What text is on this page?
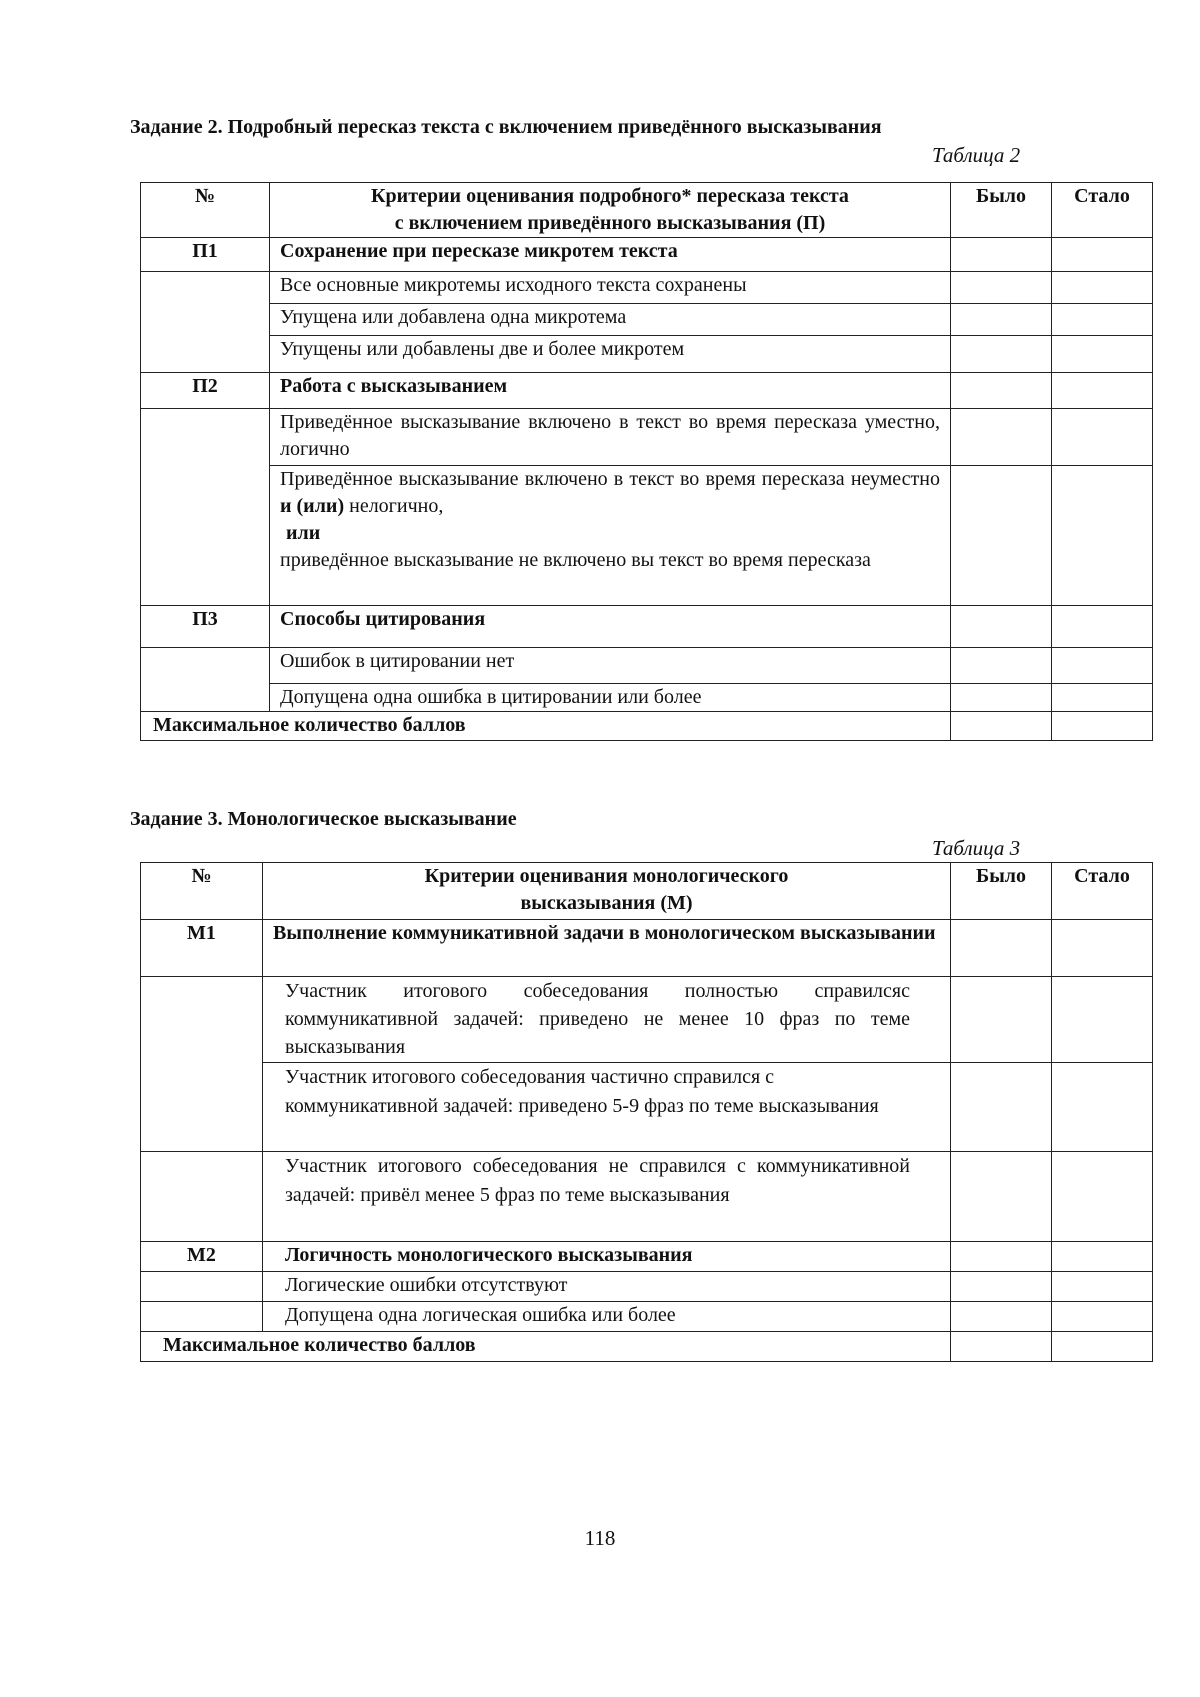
Задание 2. Подробный пересказ текста с включением приведённого высказывания
Таблица 2
№	Критерии оценивания подробного* пересказа текста
с включением приведённого высказывания (П)	Было	Стало
П1	Сохранение при пересказе микротем текста		
	Все основные микротемы исходного текста сохранены		
	Упущена или добавлена одна микротема		
	Упущены или добавлены две и более микротем		
П2	Работа с высказыванием		
	Приведённое высказывание включено в текст во время пересказа уместно, логично		
	Приведённое высказывание включено в текст во время пересказа неуместно и (или) нелогично,
или
приведённое высказывание не включено вы текст во время пересказа		

П3	Способы цитирования		
	Ошибок в цитировании нет		
	Допущена одна ошибка в цитировании или более		
Максимальное количество баллов			
Задание 3. Монологическое высказывание
Таблица 3
№	Критерии оценивания монологического
высказывания (М)	Было	Стало
М1	Выполнение коммуникативной задачи в монологическом высказывании		
	Участник итогового собеседования полностью справилсяс коммуникативной задачей: приведено не менее 10 фраз по теме высказывания		
	Участник итогового собеседования частично справился с коммуникативной задачей: приведено 5-9 фраз по теме высказывания		
	Участник итогового собеседования не справился с коммуникативной задачей: привёл менее 5 фраз по теме высказывания		
М2	Логичность монологического высказывания		
	Логические ошибки отсутствуют		
	Допущена одна логическая ошибка или более		
Максимальное количество баллов			
118
